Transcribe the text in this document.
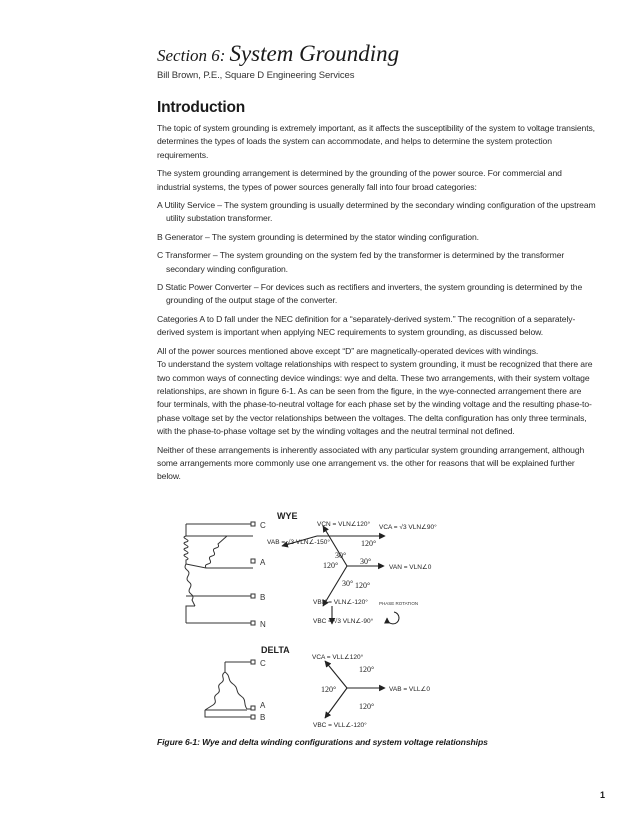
Section 6: System Grounding
Bill Brown, P.E., Square D Engineering Services
Introduction

The topic of system grounding is extremely important, as it affects the susceptibility of the system to voltage transients, determines the types of loads the system can accommodate, and helps to determine the system protection requirements.

The system grounding arrangement is determined by the grounding of the power source. For commercial and industrial systems, the types of power sources generally fall into four broad categories:

A Utility Service – The system grounding is usually determined by the secondary winding configuration of the upstream utility substation transformer.

B Generator – The system grounding is determined by the stator winding configuration.

C Transformer – The system grounding on the system fed by the transformer is determined by the transformer secondary winding configuration.

D Static Power Converter – For devices such as rectifiers and inverters, the system grounding is determined by the grounding of the output stage of the converter.

Categories A to D fall under the NEC definition for a “separately-derived system.” The recognition of a separately-derived system is important when applying NEC requirements to system grounding, as discussed below.

All of the power sources mentioned above except “D” are magnetically-operated devices with windings.

To understand the system voltage relationships with respect to system grounding, it must be recognized that there are two common ways of connecting device windings: wye and delta. These two arrangements, with their system voltage relationships, are shown in figure 6-1. As can be seen from the figure, in the wye-connected arrangement there are four terminals, with the phase-to-neutral voltage for each phase set by the winding voltage and the resulting phase-to-phase voltage set by the vector relationships between the voltages. The delta configuration has only three terminals, with the phase-to-phase voltage set by the winding voltages and the neutral terminal not defined.

Neither of these arrangements is inherently associated with any particular system grounding arrangement, although some arrangements more commonly use one arrangement vs. the other for reasons that will be explained further below.

WYE
C
A
B
N
VCN = VLN∠120° VCA = √3 VLN∠90°
VAB = √3 VLN∠-150°
VAN = VLN∠0
VBN = VLN∠-120°
VBC = √3 VLN∠-90°
30°
120°
30°
120°
120°
30°
PHASE ROTATION
DELTA
C
A
B
VCA = VLL∠120°
VAB = VLL∠0
VBC = VLL∠-120°
120°
120°
120°
Figure 6-1: Wye and delta winding configurations and system voltage relationships
1
